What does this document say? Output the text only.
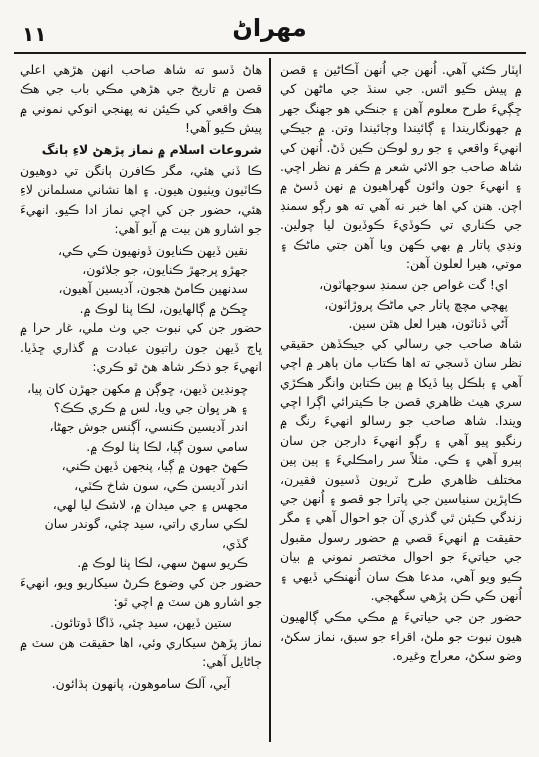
١١	مهراڻ

اپٽار ڪئي آهي. اُنهن جي اُنهن آڪاڻين ۽ قصن ۾ پيش ڪيو اٿس. جي سنڌ جي ماڻهن کي ڇڳيءَ طرح معلوم آهن ۽ جنڪي هو جهنگ جهر ۾ جهونگاريندا ۽ ڳائيندا وڄائيندا وتن. ۾ جيڪي انهيءَ واقعي ۽ جو رو لوڪن ڪين ڏڻ. اُنهن کي شاھ صاحب جو الائي شعر ۾ ڪفر ۾ نظر اچي. ۽ انهيءَ جون وائون گهراهيون ۾ نهن ڏسڻ ۾ اچن. هنن کي اها خبر نه آهي ته هو رڳو سمنڊ جي ڪناري تي ڪوڏيءَ ڪوڏيون ليا چولين. ونڊي پاتار ۾ بهي ڪهن ويا آهن جتي ماڻڪ ۽ موتي، هيرا لعلون آهن:

اي! گت غواص جن سمنڊ سوجهاٽون،

پهچي مچڇ پاتار جي ماڻڪ پروڙاٽون،

آڻي ڏناٽون، هيرا لعل هٿن سين.

شاھ صاحب جي رسالي کي جيڪڏهن حقيقي نظر سان ڏسجي ته اها ڪتاب مان ٻاهر ۾ اچي آهي ۽ بلڪل پيا ڏيکا ۾ ٻين ڪتابن وانگر هڪڙي سري هيٺ ظاهري قصن جا ڪيترائي اڳرا اچي ويندا. شاھ صاحب جو رسالو انهيءَ رنگ ۾ رنگيو پيو آهي ۽ رڳو انهيءَ دارجن جن سان ٻيرو آهي ۽ ڪي. مثلاً سر رامڪليءَ ۽ ٻين ٻين مختلف ظاهري طرح ٽريون ڏسيون فقيرن، ڪاپڙين سنياسين جي پاترا جو قصو ۽ اُنهن جي زندگي ڪيئن ٿي گذري آن جو احوال آهي ۽ مگر حقيقت ۾ انهيءَ قصي ۾ حضور رسول مقبول جي حياتيءَ جو احوال مختصر نموني ۾ بيان ڪيو ويو آهي، مدعا هڪ سان اُنهنڪي ڏيهي ۽ اُنهن ڪي ڪن پڙهي سگهجي.

حضور جن جي حياتيءَ ۾ مڪي مڪي ڳالهيون هيون نبوت جو ملڻ، اقراء جو سبق، نماز سکڻ، وضو سکڻ، معراج وغيره.

هاڻ ڏسو ته شاھ صاحب انهن هڙهي اعلي قصن ۾ تاريخ جي هڙهي مڪي باب جي هڪ هڪ واقعي کي ڪيئن نه پهنجي انوکي نموني ۾ پيش ڪيو آهي!

شروعات اسلام ۾ نماز پڙهڻ لاءِ ٻانگ

ڪا ڏني هئي، مگر ڪافرن ٻانگن تي دوهيون ڪاٽيون ويٺيون هيون. ۽ اها نشاني مسلمانن لاءِ هئي، حضور جن کي اچي نماز ادا ڪيو. انهيءَ جو اشارو هن بيت ۾ آيو آهي:

نقين ڏيهن ڪنايون ڏونهيون ڪي ڪي،

جهڙو پرجهڙ ڪنايون، جو جلائون،

سدنهين ڪامڻ هجون، آديسين آهيون،

ڇڪڻ ۾ ڳالهايون، لڪا پٺا لوڪ ۾.

حضور جن کي نبوت جي وٺ ملي، غار حرا ۾ ڀاڄ ڏيهن جون راتيون عبادت ۾ گذاري ڇڏيا. انهيءَ جو ذڪر شاھ هڻ ٿو ڪري:

چونڊين ڏيهن، ڇوڳن ۾ مکهن جهڙن کان پيا،

۽ هر ڀوان جي ويا، لس ۾ ڪري ڪڪ؟

اندر آديسين ڪنسي، آڳنس جوش جهڻا،

سامي سون ڳيا، لڪا پٺا لوڪ ۾.

ڪهڻ جهون ۾ ڳيا، پنجهن ڏيهن ڪني،

اندر آديسن ڪي، سون شاخ ڪٽي،

مجهس ۽ جي ميدان ۾، لاشڪ ليا لهي،

لڪي ساري راتي، سيد چئي، گوندر سان گڏي،

ڪريو سهڻ سهي، لڪا پٺا لوڪ ۾.

حضور جن کي وضوع ڪرڻ سيکاريو ويو، انهيءَ جو اشارو هن سٽ ۾ اچي ٿو:

ستين ڏيهن، سيد چئي، ڏاگا ڏوتائون.

نماز پڙهڻ سيکاري وئي، اها حقيقت هن سٽ ۾ ڄاڻايل آهي:

آيي، آلڪ ساموهون، پانهون ٻڌائون.
